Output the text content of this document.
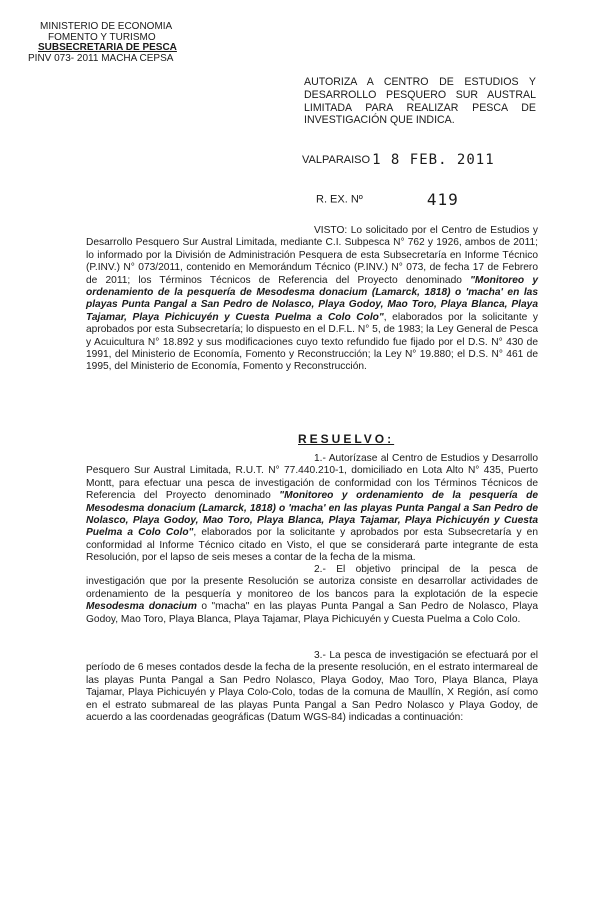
MINISTERIO DE ECONOMIA
FOMENTO Y TURISMO
SUBSECRETARIA DE PESCA
PINV 073- 2011 MACHA CEPSA
AUTORIZA A CENTRO DE ESTUDIOS Y
DESARROLLO PESQUERO SUR AUSTRAL
LIMITADA PARA REALIZAR PESCA DE
INVESTIGACIÓN QUE INDICA.
VALPARAISO 1 8 FEB. 2011
R. EX. Nº	419
VISTO: Lo solicitado por el Centro de Estudios y Desarrollo Pesquero Sur Austral Limitada, mediante C.I. Subpesca N° 762 y 1926, ambos de 2011; lo informado por la División de Administración Pesquera de esta Subsecretaría en Informe Técnico (P.INV.) N° 073/2011, contenido en Memorándum Técnico (P.INV.) N° 073, de fecha 17 de Febrero de 2011; los Términos Técnicos de Referencia del Proyecto denominado "Monitoreo y ordenamiento de la pesquería de Mesodesma donacium (Lamarck, 1818) o 'macha' en las playas Punta Pangal a San Pedro de Nolasco, Playa Godoy, Mao Toro, Playa Blanca, Playa Tajamar, Playa Pichicuyén y Cuesta Puelma a Colo Colo", elaborados por la solicitante y aprobados por esta Subsecretaría; lo dispuesto en el D.F.L. N° 5, de 1983; la Ley General de Pesca y Acuicultura N° 18.892 y sus modificaciones cuyo texto refundido fue fijado por el D.S. N° 430 de 1991, del Ministerio de Economía, Fomento y Reconstrucción; la Ley N° 19.880; el D.S. N° 461 de 1995, del Ministerio de Economía, Fomento y Reconstrucción.
RESUELVO:
1.- Autorízase al Centro de Estudios y Desarrollo Pesquero Sur Austral Limitada, R.U.T. N° 77.440.210-1, domiciliado en Lota Alto N° 435, Puerto Montt, para efectuar una pesca de investigación de conformidad con los Términos Técnicos de Referencia del Proyecto denominado "Monitoreo y ordenamiento de la pesquería de Mesodesma donacium (Lamarck, 1818) o 'macha' en las playas Punta Pangal a San Pedro de Nolasco, Playa Godoy, Mao Toro, Playa Blanca, Playa Tajamar, Playa Pichicuyén y Cuesta Puelma a Colo Colo", elaborados por la solicitante y aprobados por esta Subsecretaría y en conformidad al Informe Técnico citado en Visto, el que se considerará parte integrante de esta Resolución, por el lapso de seis meses a contar de la fecha de la misma.
2.- El objetivo principal de la pesca de investigación que por la presente Resolución se autoriza consiste en desarrollar actividades de ordenamiento de la pesquería y monitoreo de los bancos para la explotación de la especie Mesodesma donacium o "macha" en las playas Punta Pangal a San Pedro de Nolasco, Playa Godoy, Mao Toro, Playa Blanca, Playa Tajamar, Playa Pichicuyén y Cuesta Puelma a Colo Colo.
3.- La pesca de investigación se efectuará por el período de 6 meses contados desde la fecha de la presente resolución, en el estrato intermareal de las playas Punta Pangal a San Pedro Nolasco, Playa Godoy, Mao Toro, Playa Blanca, Playa Tajamar, Playa Pichicuyén y Playa Colo-Colo, todas de la comuna de Maullín, X Región, así como en el estrato submareal de las playas Punta Pangal a San Pedro Nolasco y Playa Godoy, de acuerdo a las coordenadas geográficas (Datum WGS-84) indicadas a continuación:
